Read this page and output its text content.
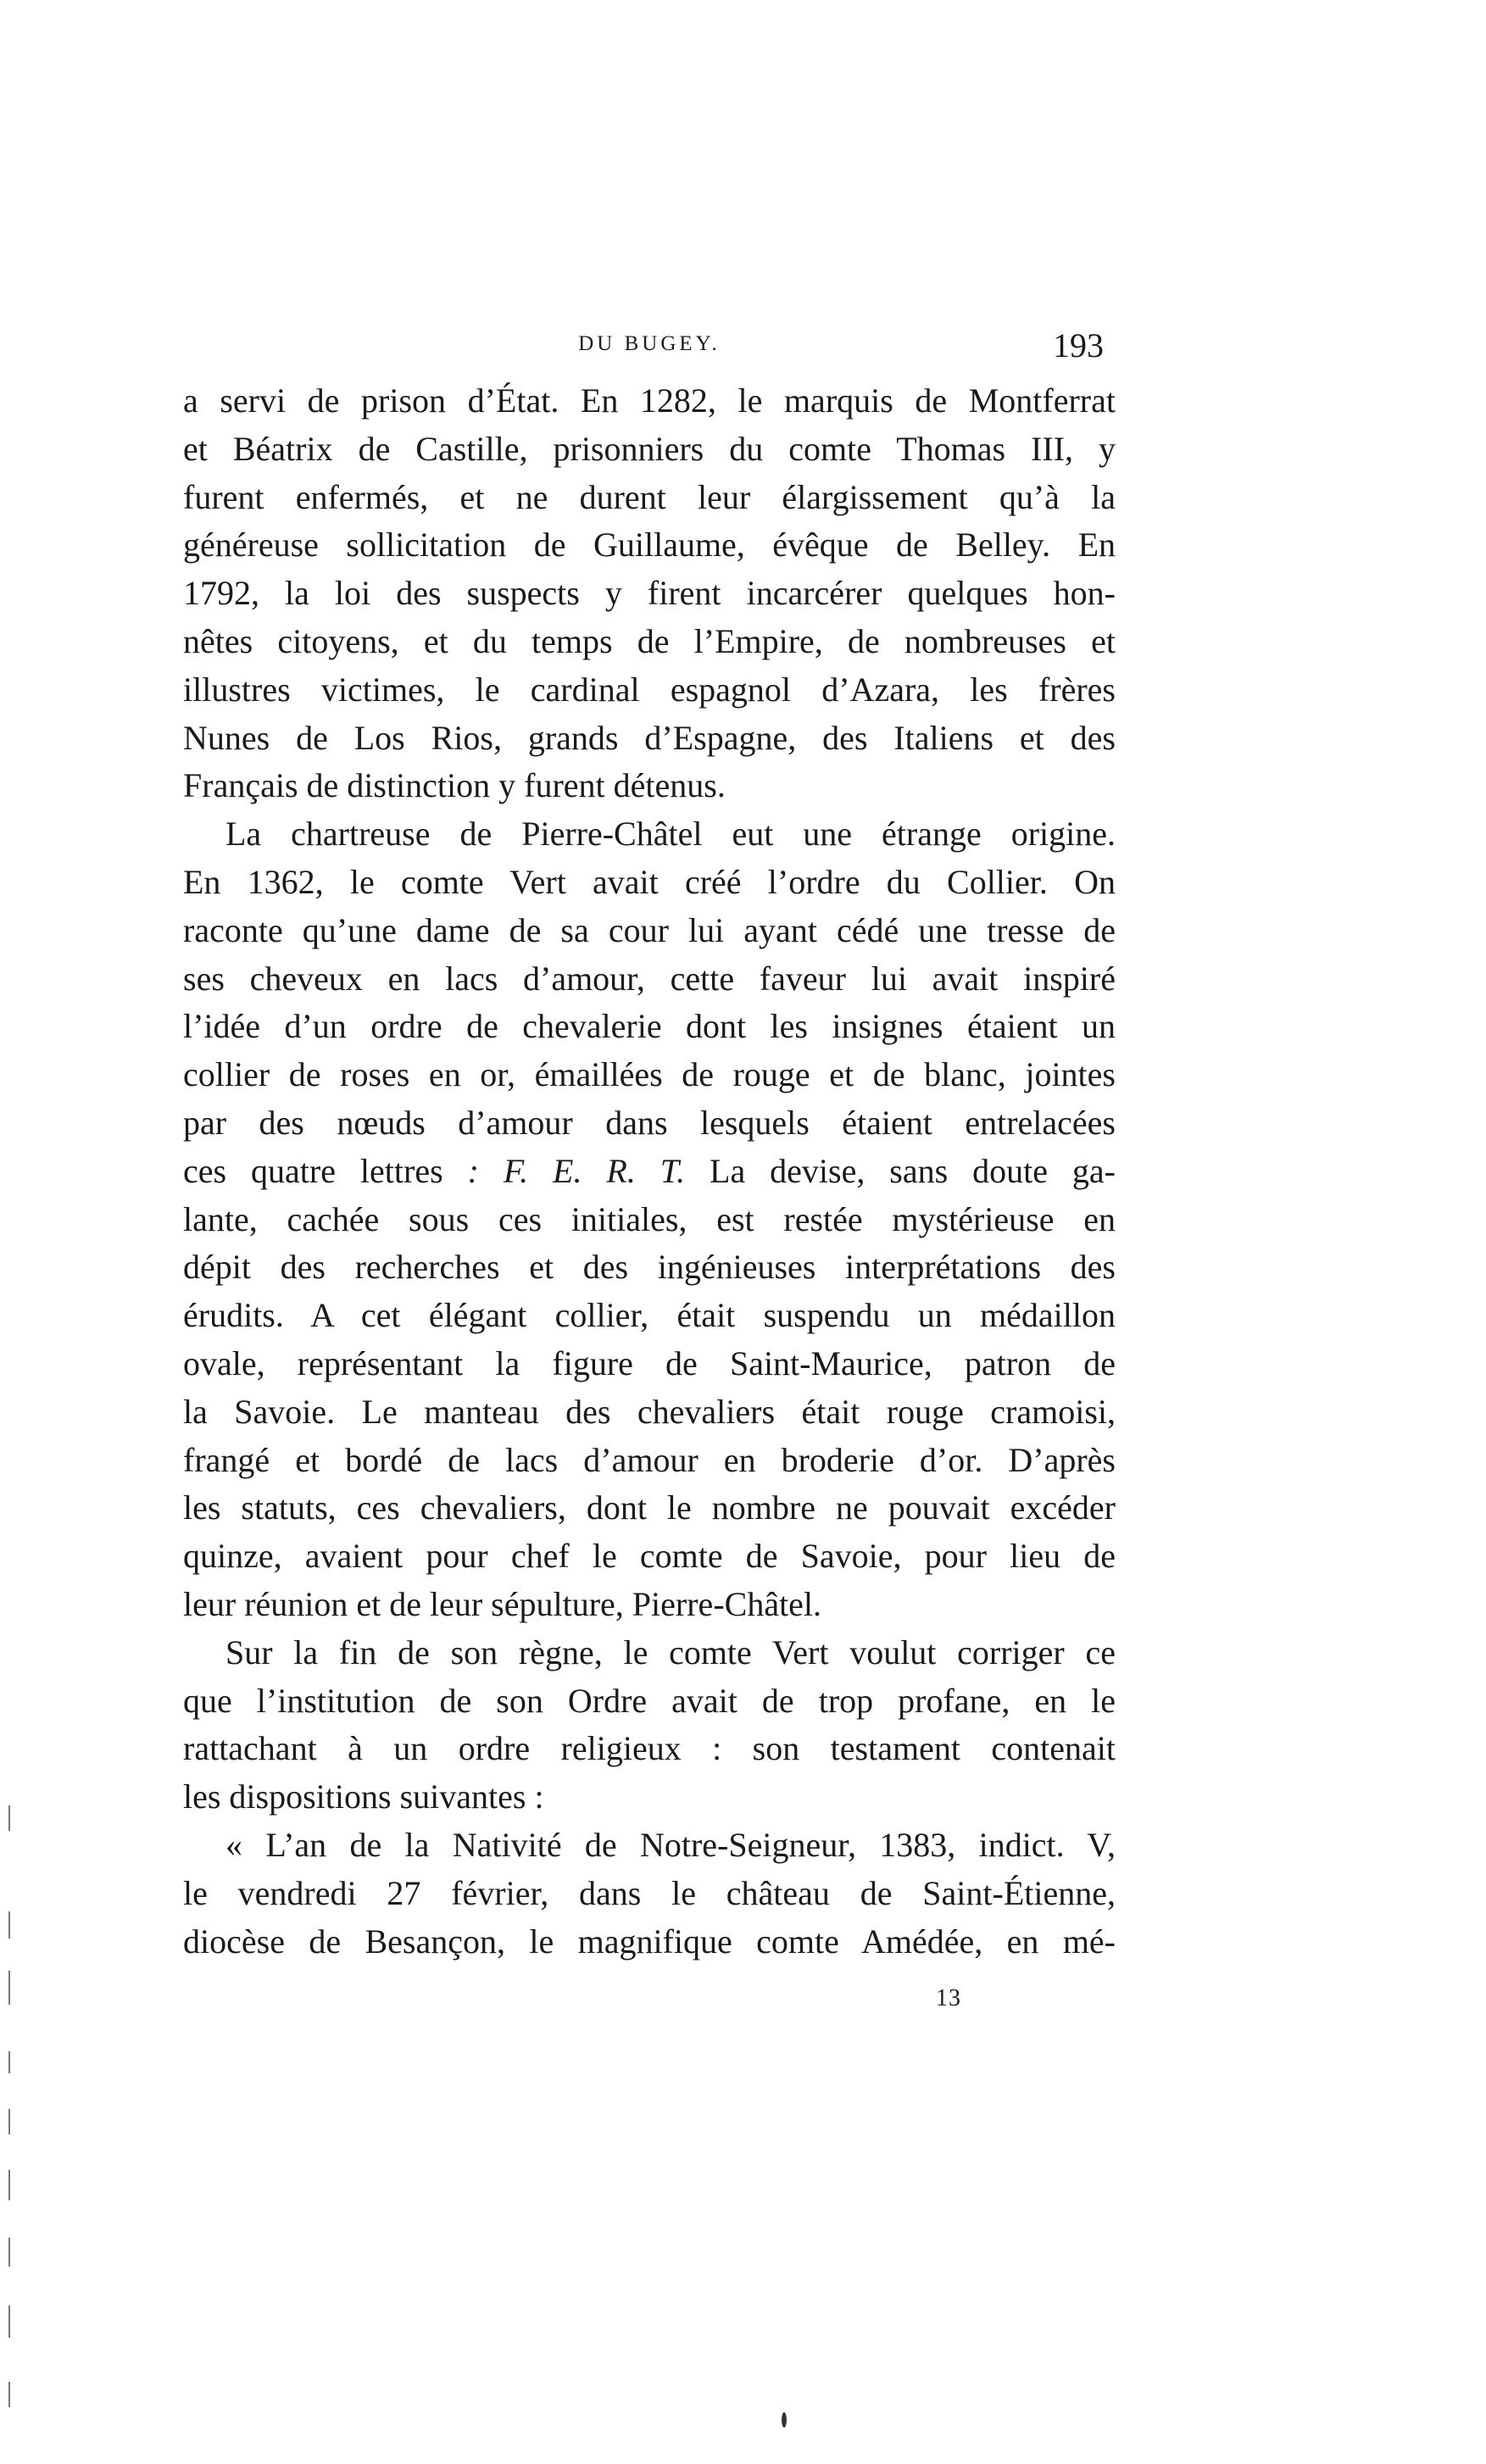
DU BUGEY.	193
a servi de prison d’État. En 1282, le marquis de Montferrat
et Béatrix de Castille, prisonniers du comte Thomas III, y
furent enfermés, et ne durent leur élargissement qu’à la
généreuse sollicitation de Guillaume, évêque de Belley. En
1792, la loi des suspects y firent incarcérer quelques hon-
nêtes citoyens, et du temps de l’Empire, de nombreuses et
illustres victimes, le cardinal espagnol d’Azara, les frères
Nunes de Los Rios, grands d’Espagne, des Italiens et des
Français de distinction y furent détenus.
La chartreuse de Pierre-Châtel eut une étrange origine.
En 1362, le comte Vert avait créé l’ordre du Collier. On
raconte qu’une dame de sa cour lui ayant cédé une tresse de
ses cheveux en lacs d’amour, cette faveur lui avait inspiré
l’idée d’un ordre de chevalerie dont les insignes étaient un
collier de roses en or, émaillées de rouge et de blanc, jointes
par des nœuds d’amour dans lesquels étaient entrelacées
ces quatre lettres : F. E. R. T. La devise, sans doute ga-
lante, cachée sous ces initiales, est restée mystérieuse en
dépit des recherches et des ingénieuses interprétations des
érudits. A cet élégant collier, était suspendu un médaillon
ovale, représentant la figure de Saint-Maurice, patron de
la Savoie. Le manteau des chevaliers était rouge cramoisi,
frangé et bordé de lacs d’amour en broderie d’or. D’après
les statuts, ces chevaliers, dont le nombre ne pouvait excéder
quinze, avaient pour chef le comte de Savoie, pour lieu de
leur réunion et de leur sépulture, Pierre-Châtel.
Sur la fin de son règne, le comte Vert voulut corriger ce
que l’institution de son Ordre avait de trop profane, en le
rattachant à un ordre religieux : son testament contenait
les dispositions suivantes :
« L’an de la Nativité de Notre-Seigneur, 1383, indict. V,
le vendredi 27 février, dans le château de Saint-Étienne,
diocèse de Besançon, le magnifique comte Amédée, en mé-
13
